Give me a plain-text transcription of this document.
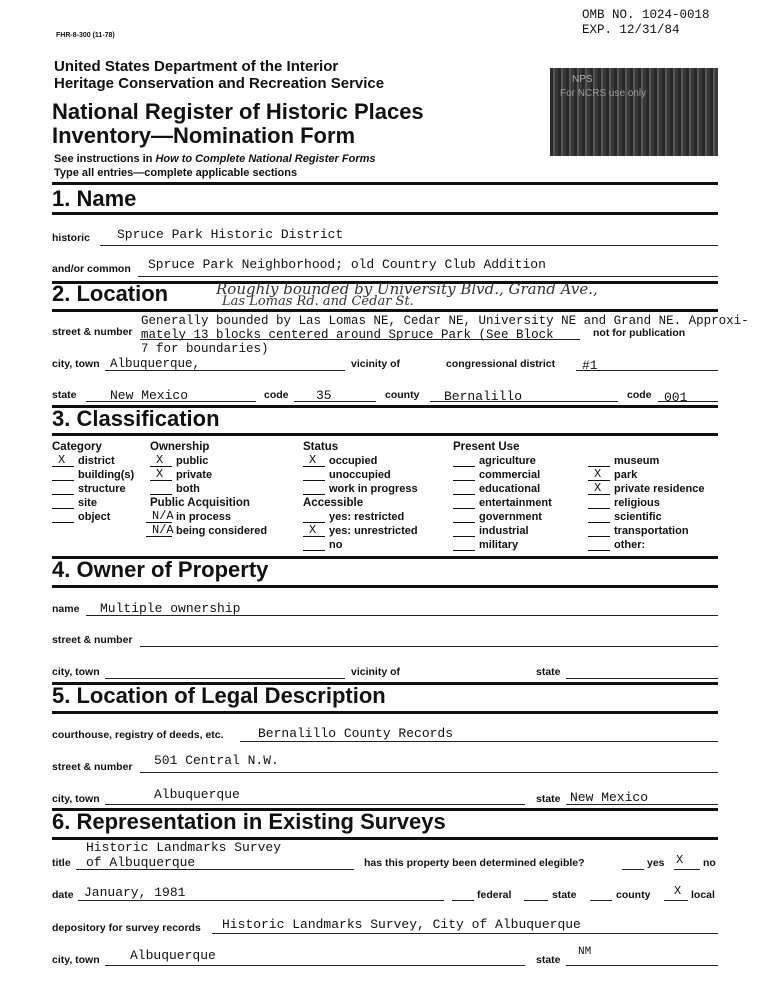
FHR-8-300 (11-78)
OMB NO. 1024-0018
EXP. 12/31/84
United States Department of the Interior
Heritage Conservation and Recreation Service
National Register of Historic Places
Inventory—Nomination Form
See instructions in How to Complete National Register Forms
Type all entries—complete applicable sections
NPS
For NCRS use only
1. Name
historic Spruce Park Historic District
and/or common Spruce Park Neighborhood; old Country Club Addition
2. Location	Roughly bounded by University Blvd., Grand Ave.,
Las Lomas Rd. and Cedar St.
Generally bounded by Las Lomas NE, Cedar NE, University NE and Grand NE. Approxi-
street & number mately 13 blocks centered around Spruce Park (See Block	not for publication
7 for boundaries)
city, town Albuquerque,	vicinity of	congressional district #1
state	New Mexico	code 35	county Bernalillo	code 001
3. Classification
Category
X district
building(s)
structure
site
object
Ownership
X public
X private
both
Public Acquisition
N/A in process
N/A being considered
Status
X occupied
unoccupied
work in progress
Accessible
yes: restricted
X yes: unrestricted
no
Present Use
agriculture
commercial
educational
entertainment
government
industrial
military
museum
X park
X private residence
religious
scientific
transportation
other:
4. Owner of Property
name Multiple ownership
street & number
city, town	vicinity of	state
5. Location of Legal Description
courthouse, registry of deeds, etc.	Bernalillo County Records
street & number 501 Central N.W.
city, town	Albuquerque	state New Mexico
6. Representation in Existing Surveys
Historic Landmarks Survey
title of Albuquerque	has this property been determined elegible?	yes X no
date January, 1981	federal	state	county X local
depository for survey records Historic Landmarks Survey, City of Albuquerque
city, town Albuquerque	state
NM
